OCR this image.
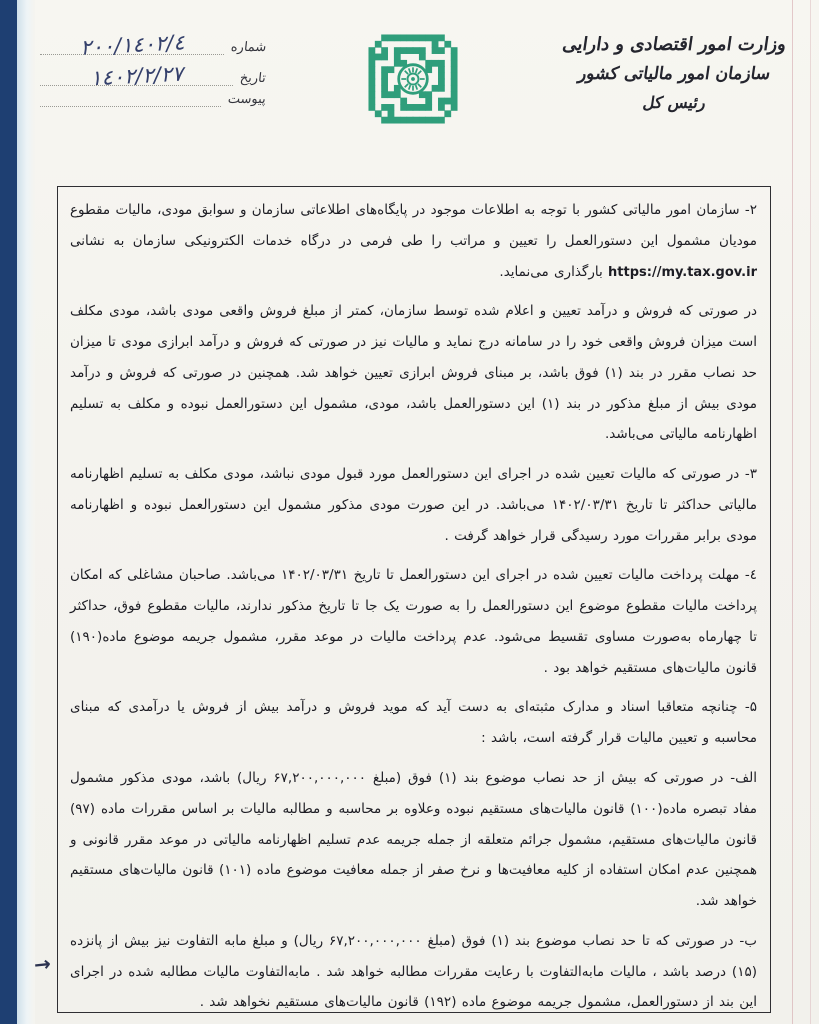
شماره
٢٠٠/١٤٠٢/٤
تاریخ
١٤٠٢/٢/٢٧
پیوست
وزارت امور اقتصادی و دارایی
سازمان امور مالیاتی کشور
رئیس کل
→

۲- سازمان امور مالیاتی کشور با توجه به اطلاعات موجود در پایگاه‌های اطلاعاتی سازمان و سوابق مودی، مالیات مقطوع مودیان مشمول این دستورالعمل را تعیین و مراتب را طی فرمی در درگاه خدمات الکترونیکی سازمان به نشانی https://my.tax.gov.ir بارگذاری می‌نماید.

در صورتی که فروش و درآمد تعیین و اعلام شده توسط سازمان، کمتر از مبلغ فروش واقعی مودی باشد، مودی مکلف است میزان فروش واقعی خود را در سامانه درج نماید و مالیات نیز در صورتی که فروش و درآمد ابرازی مودی تا میزان حد نصاب مقرر در بند (۱) فوق باشد، بر مبنای فروش ابرازی تعیین خواهد شد. همچنین در صورتی که فروش و درآمد مودی بیش از مبلغ مذکور در بند (۱) این دستورالعمل باشد، مودی، مشمول این دستورالعمل نبوده و مکلف به تسلیم اظهارنامه مالیاتی می‌باشد.

۳- در صورتی که مالیات تعیین شده در اجرای این دستورالعمل مورد قبول مودی نباشد، مودی مکلف به تسلیم اظهارنامه مالیاتی حداکثر تا تاریخ ۱۴۰۲/۰۳/۳۱ می‌باشد. در این صورت مودی مذکور مشمول این دستورالعمل نبوده و اظهارنامه مودی برابر مقررات مورد رسیدگی قرار خواهد گرفت .

٤- مهلت پرداخت مالیات تعیین شده در اجرای این دستورالعمل تا تاریخ ۱۴۰۲/۰۳/۳۱ می‌باشد. صاحبان مشاغلی که امکان پرداخت مالیات مقطوع موضوع این دستورالعمل را به صورت یک جا تا تاریخ مذکور ندارند، مالیات مقطوع فوق، حداکثر تا چهارماه به‌صورت مساوی تقسیط می‌شود. عدم پرداخت مالیات در موعد مقرر، مشمول جریمه موضوع ماده(۱۹۰) قانون مالیات‌های مستقیم خواهد بود .

۵- چنانچه متعاقبا اسناد و مدارک مثبته‌ای به دست آید که موید فروش و درآمد بیش از فروش یا درآمدی که مبنای محاسبه و تعیین مالیات قرار گرفته است، باشد :

الف- در صورتی که بیش از حد نصاب موضوع بند (۱) فوق (مبلغ ۶۷,۲۰۰,۰۰۰,۰۰۰ ریال) باشد، مودی مذکور مشمول مفاد تبصره ماده(۱۰۰) قانون مالیات‌های مستقیم نبوده وعلاوه بر محاسبه و مطالبه مالیات بر اساس مقررات ماده (۹۷) قانون مالیات‌های مستقیم، مشمول جرائم متعلقه از جمله جریمه عدم تسلیم اظهارنامه مالیاتی در موعد مقرر قانونی و همچنین عدم امکان استفاده از کلیه معافیت‌ها و نرخ صفر از جمله معافیت موضوع ماده (۱۰۱) قانون مالیات‌های مستقیم خواهد شد.

ب- در صورتی که تا حد نصاب موضوع بند (۱) فوق (مبلغ ۶۷,۲۰۰,۰۰۰,۰۰۰ ریال) و مبلغ مابه التفاوت نیز بیش از پانزده (۱۵) درصد باشد ، مالیات مابه‌التفاوت با رعایت مقررات مطالبه خواهد شد . مابه‌التفاوت مالیات مطالبه شده در اجرای این بند از دستورالعمل، مشمول جریمه موضوع ماده (۱۹۲) قانون مالیات‌های مستقیم نخواهد شد .
